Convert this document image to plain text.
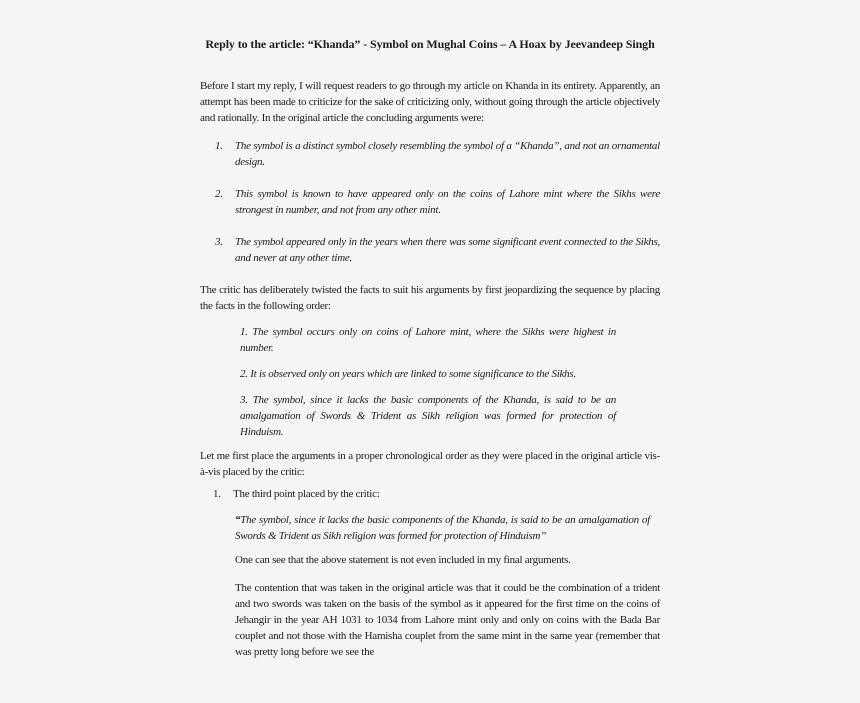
Reply to the article: “Khanda” - Symbol on Mughal Coins – A Hoax by Jeevandeep Singh

Before I start my reply, I will request readers to go through my article on Khanda in its entirety. Apparently, an attempt has been made to criticize for the sake of criticizing only, without going through the article objectively and rationally. In the original article the concluding arguments were:

1.	The symbol is a distinct symbol closely resembling the symbol of a “Khanda”, and not an ornamental design.
2.	This symbol is known to have appeared only on the coins of Lahore mint where the Sikhs were strongest in number, and not from any other mint.
3.	The symbol appeared only in the years when there was some significant event connected to the Sikhs, and never at any other time.

The critic has deliberately twisted the facts to suit his arguments by first jeopardizing the sequence by placing the facts in the following order:

1. The symbol occurs only on coins of Lahore mint, where the Sikhs were highest in number.

2. It is observed only on years which are linked to some significance to the Sikhs.

3. The symbol, since it lacks the basic components of the Khanda, is said to be an amalgamation of Swords & Trident as Sikh religion was formed for protection of Hinduism.

Let me first place the arguments in a proper chronological order as they were placed in the original article vis-à-vis placed by the critic:

1.	The third point placed by the critic:

“The symbol, since it lacks the basic components of the Khanda, is said to be an amalgamation of Swords & Trident as Sikh religion was formed for protection of Hinduism”

One can see that the above statement is not even included in my final arguments.

The contention that was taken in the original article was that it could be the combination of a trident and two swords was taken on the basis of the symbol as it appeared for the first time on the coins of Jehangir in the year AH 1031 to 1034 from Lahore mint only and only on coins with the Bada Bar couplet and not those with the Hamisha couplet from the same mint in the same year (remember that was pretty long before we see the
